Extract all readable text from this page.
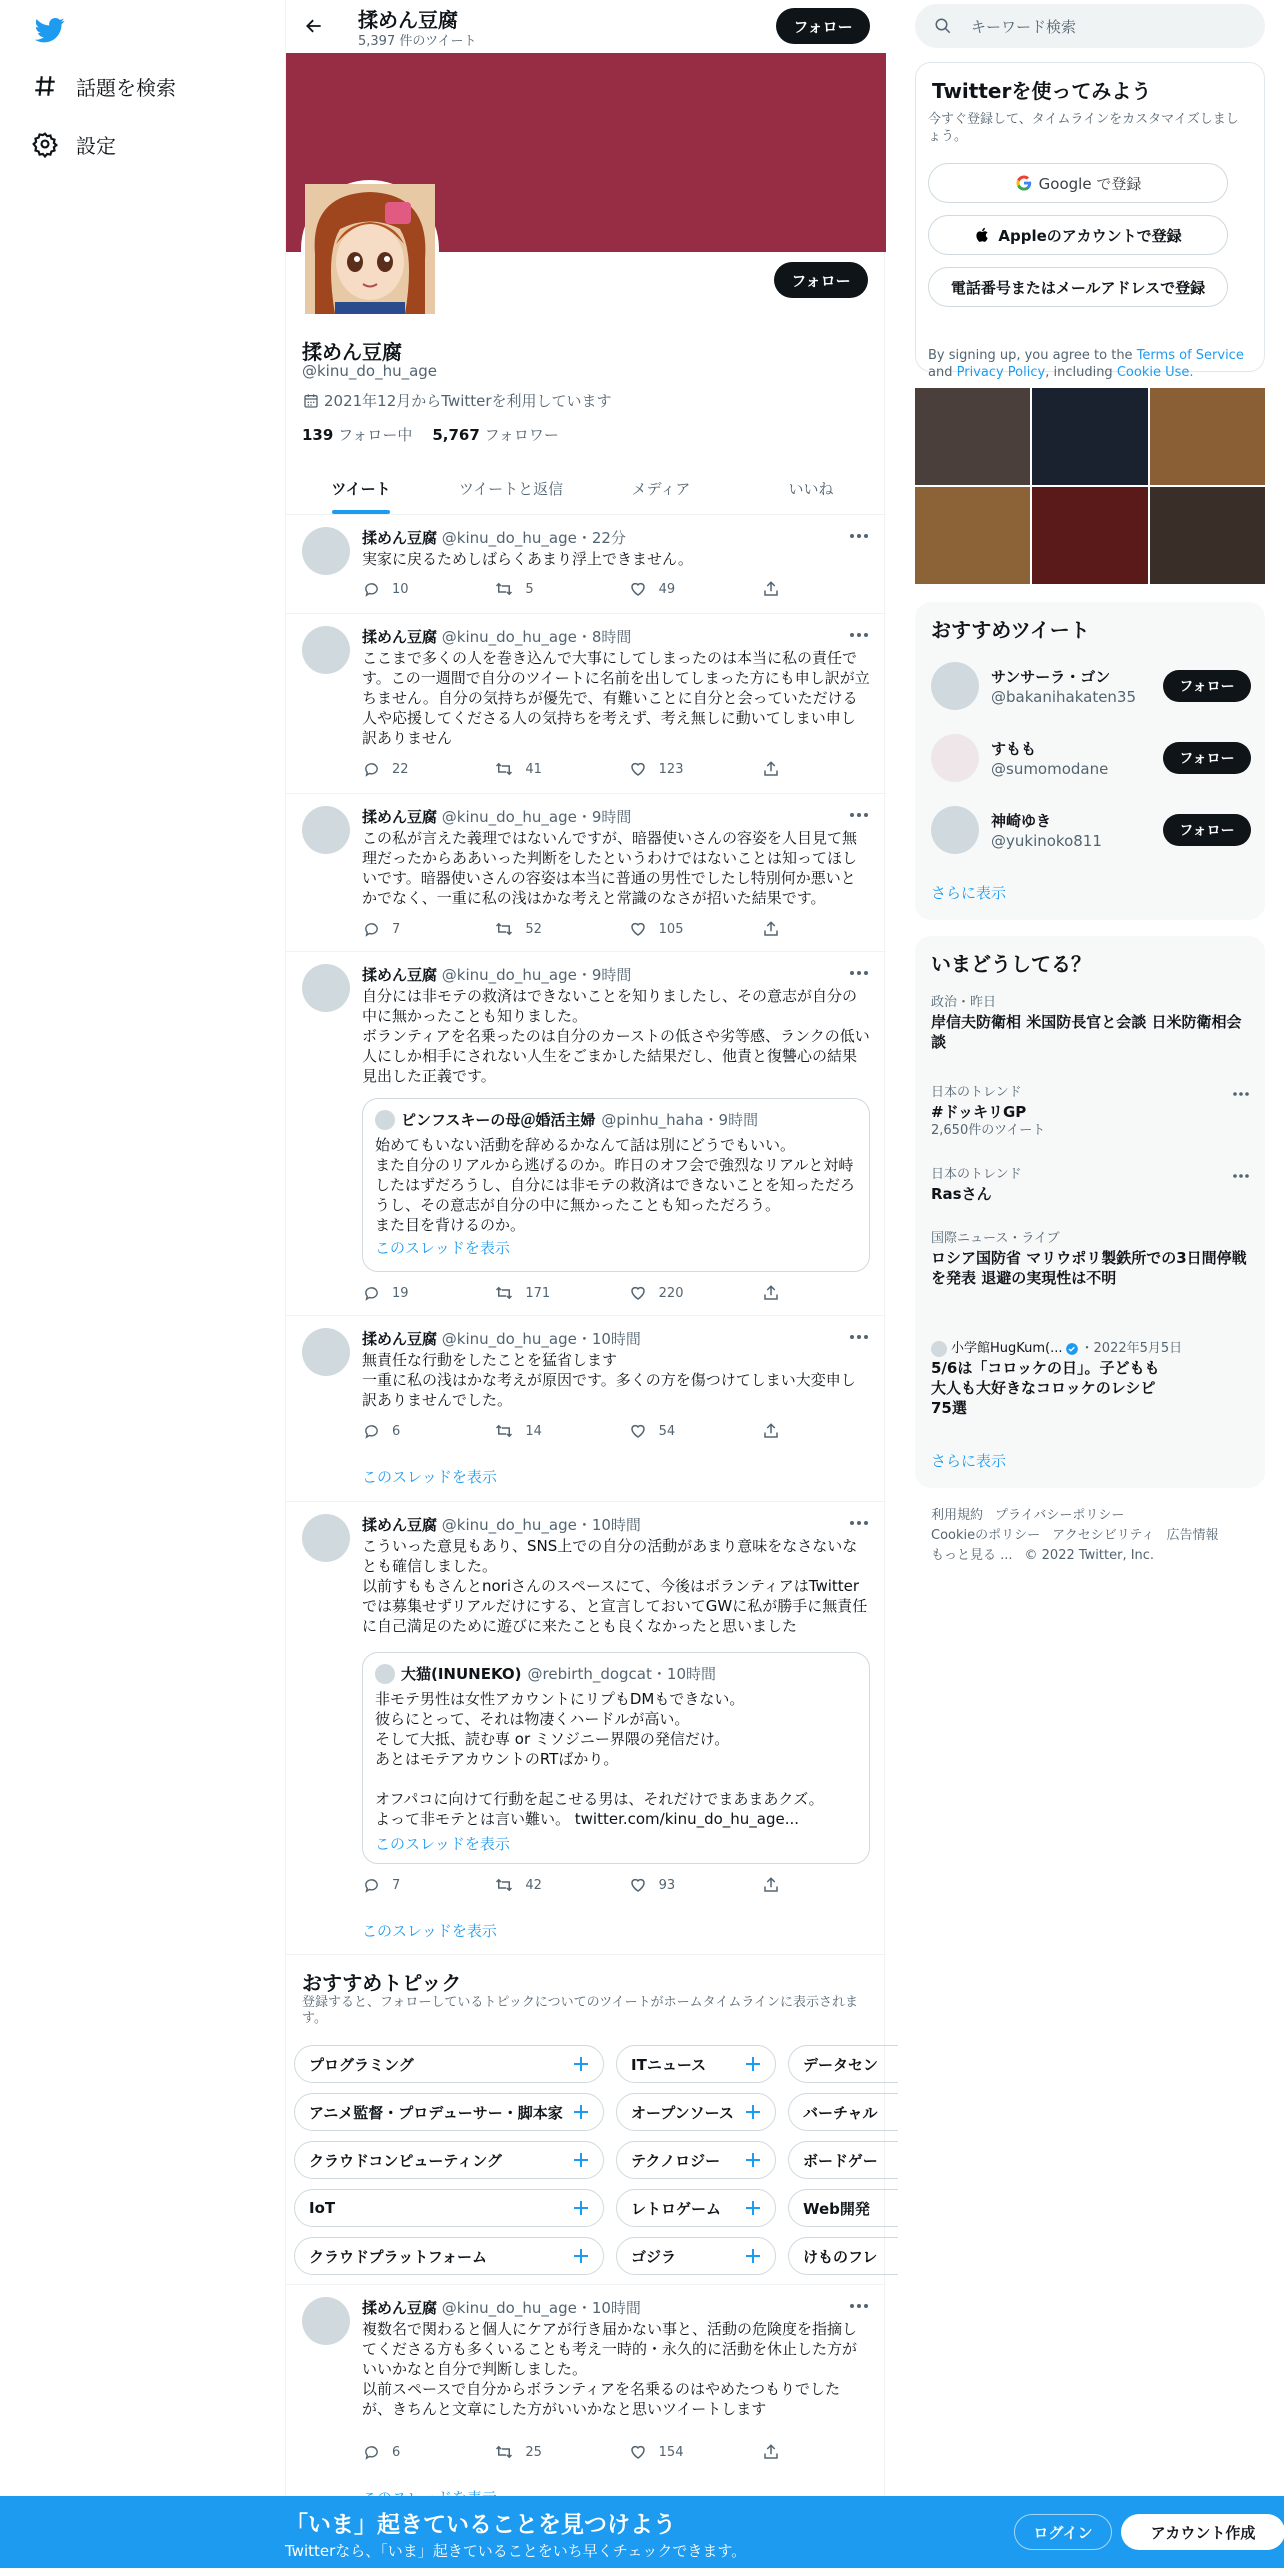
話題を検索
設定
揉めん豆腐
5,397 件のツイート
フォロー
フォロー
揉めん豆腐
@kinu_do_hu_age
2021年12月からTwitterを利用しています
139 フォロー中 5,767 フォロワー
ツイート	ツイートと返信	メディア	いいね
揉めん豆腐 @kinu_do_hu_age・22分
実家に戻るためしばらくあまり浮上できません。
10	5	49
揉めん豆腐 @kinu_do_hu_age・8時間
ここまで多くの人を巻き込んで大事にしてしまったのは本当に私の責任です。この一週間で自分のツイートに名前を出してしまった方にも申し訳が立ちません。自分の気持ちが優先で、有難いことに自分と会っていただける人や応援してくださる人の気持ちを考えず、考え無しに動いてしまい申し訳ありません
22	41	123
揉めん豆腐 @kinu_do_hu_age・9時間
この私が言えた義理ではないんですが、暗器使いさんの容姿を人目見て無理だったからああいった判断をしたというわけではないことは知ってほしいです。暗器使いさんの容姿は本当に普通の男性でしたし特別何か悪いとかでなく、一重に私の浅はかな考えと常識のなさが招いた結果です。
7	52	105
揉めん豆腐 @kinu_do_hu_age・9時間
自分には非モテの救済はできないことを知りましたし、その意志が自分の中に無かったことも知りました。
ボランティアを名乗ったのは自分のカーストの低さや劣等感、ランクの低い人にしか相手にされない人生をごまかした結果だし、他責と復讐心の結果見出した正義です。
ピンフスキーの母＠婚活主婦 @pinhu_haha ・ 9時間
始めてもいない活動を辞めるかなんて話は別にどうでもいい。
また自分のリアルから逃げるのか。昨日のオフ会で強烈なリアルと対峙したはずだろうし、自分には非モテの救済はできないことを知っただろうし、その意志が自分の中に無かったことも知っただろう。
また目を背けるのか。
このスレッドを表示
19	171	220
揉めん豆腐 @kinu_do_hu_age・10時間
無責任な行動をしたことを猛省します
一重に私の浅はかな考えが原因です。多くの方を傷つけてしまい大変申し訳ありませんでした。
6	14	54
このスレッドを表示
揉めん豆腐 @kinu_do_hu_age・10時間
こういった意見もあり、SNS上での自分の活動があまり意味をなさないなとも確信しました。
以前すももさんとnoriさんのスペースにて、今後はボランティアはTwitterでは募集せずリアルだけにする、と宣言しておいてGWに私が勝手に無責任に自己満足のために遊びに来たことも良くなかったと思いました
大猫(INUNEKO) @rebirth_dogcat ・ 10時間
非モテ男性は女性アカウントにリプもDMもできない。
彼らにとって、それは物凄くハードルが高い。
そして大抵、読む専 or ミソジニー界隈の発信だけ。
あとはモテアカウントのRTばかり。

オフパコに向けて行動を起こせる男は、それだけでまあまあクズ。
よって非モテとは言い難い。 twitter.com/kinu_do_hu_age...
このスレッドを表示
7	42	93
このスレッドを表示
おすすめトピック
登録すると、フォローしているトピックについてのツイートがホームタイムラインに表示されます。
プログラミング	ITニュース	データセン
アニメ監督・プロデューサー・脚本家	オープンソース	バーチャル
クラウドコンピューティング	テクノロジー	ボードゲー
IoT	レトロゲーム	Web開発
クラウドプラットフォーム	ゴジラ	けものフレ
揉めん豆腐 @kinu_do_hu_age・10時間
複数名で関わると個人にケアが行き届かない事と、活動の危険度を指摘してくださる方も多くいることも考え一時的・永久的に活動を休止した方がいいかなと自分で判断しました。
以前スペースで自分からボランティアを名乗るのはやめたつもりでしたが、きちんと文章にした方がいいかなと思いツイートします
6	25	154
キーワード検索
Twitterを使ってみよう
今すぐ登録して、タイムラインをカスタマイズしましょう。
Google で登録
Appleのアカウントで登録
電話番号またはメールアドレスで登録
By signing up, you agree to the Terms of Service and Privacy Policy, including Cookie Use.
おすすめツイート
サンサーラ・ゴン
@bakanihakaten35
フォロー
すもも
@sumomodane
フォロー
神崎ゆき
@yukinoko811
フォロー
さらに表示
いまどうしてる？
政治・昨日
岸信夫防衛相 米国防長官と会談 日米防衛相会談
日本のトレンド
#ドッキリGP
2,650件のツイート
日本のトレンド
Rasさん
国際ニュース・ライブ
ロシア国防省 マリウポリ製鉄所での3日間停戦を発表 退避の実現性は不明
小学館HugKum(... ・2022年5月5日
5/6は「コロッケの日」。子どもも大人も大好きなコロッケのレシピ75選
さらに表示
利用規約 プライバシーポリシー
Cookieのポリシー アクセシビリティ 広告情報
もっと見る ... © 2022 Twitter, Inc.
「いま」起きていることを見つけよう
Twitterなら、「いま」起きていることをいち早くチェックできます。
ログイン	アカウント作成
